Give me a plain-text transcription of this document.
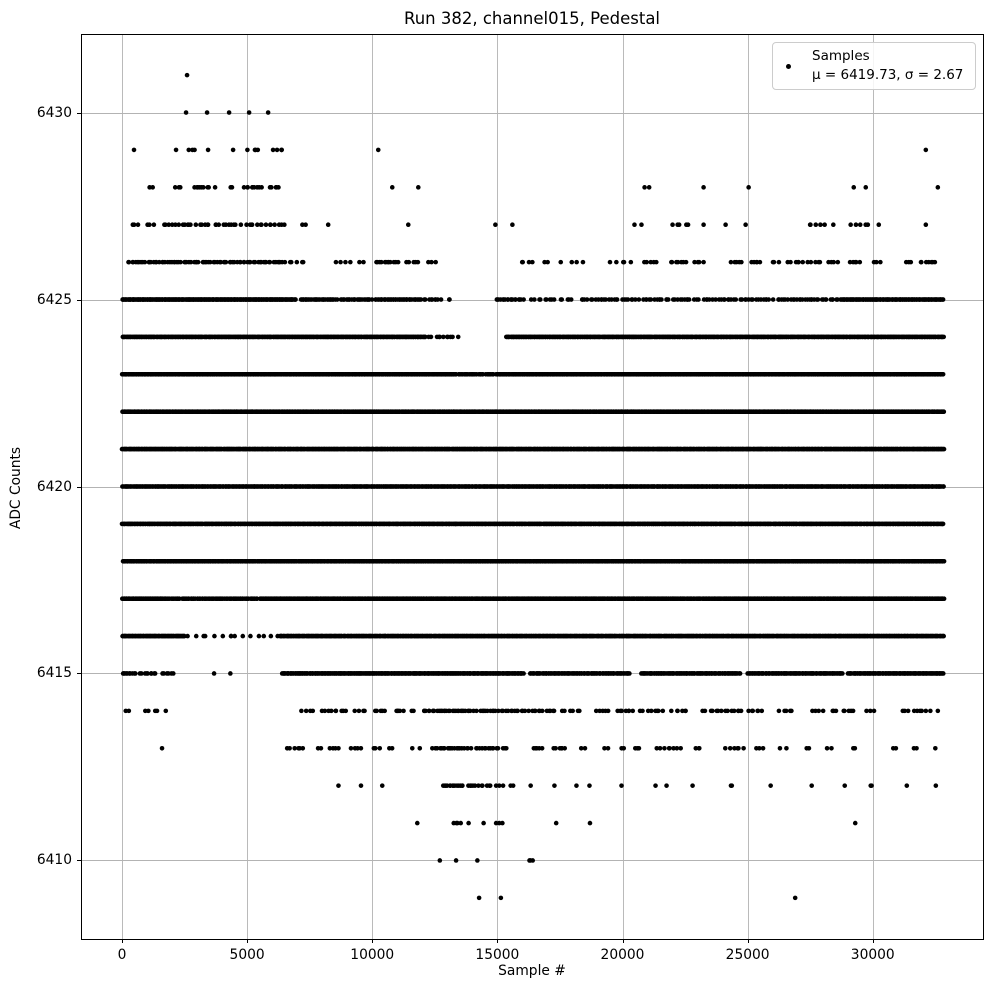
Run 382, channel015, Pedestal
Sample #
ADC Counts
0	5000	10000	15000	20000	25000	30000
6410
6415
6420
6425
6430
Samples
μ = 6419.73, σ = 2.67
